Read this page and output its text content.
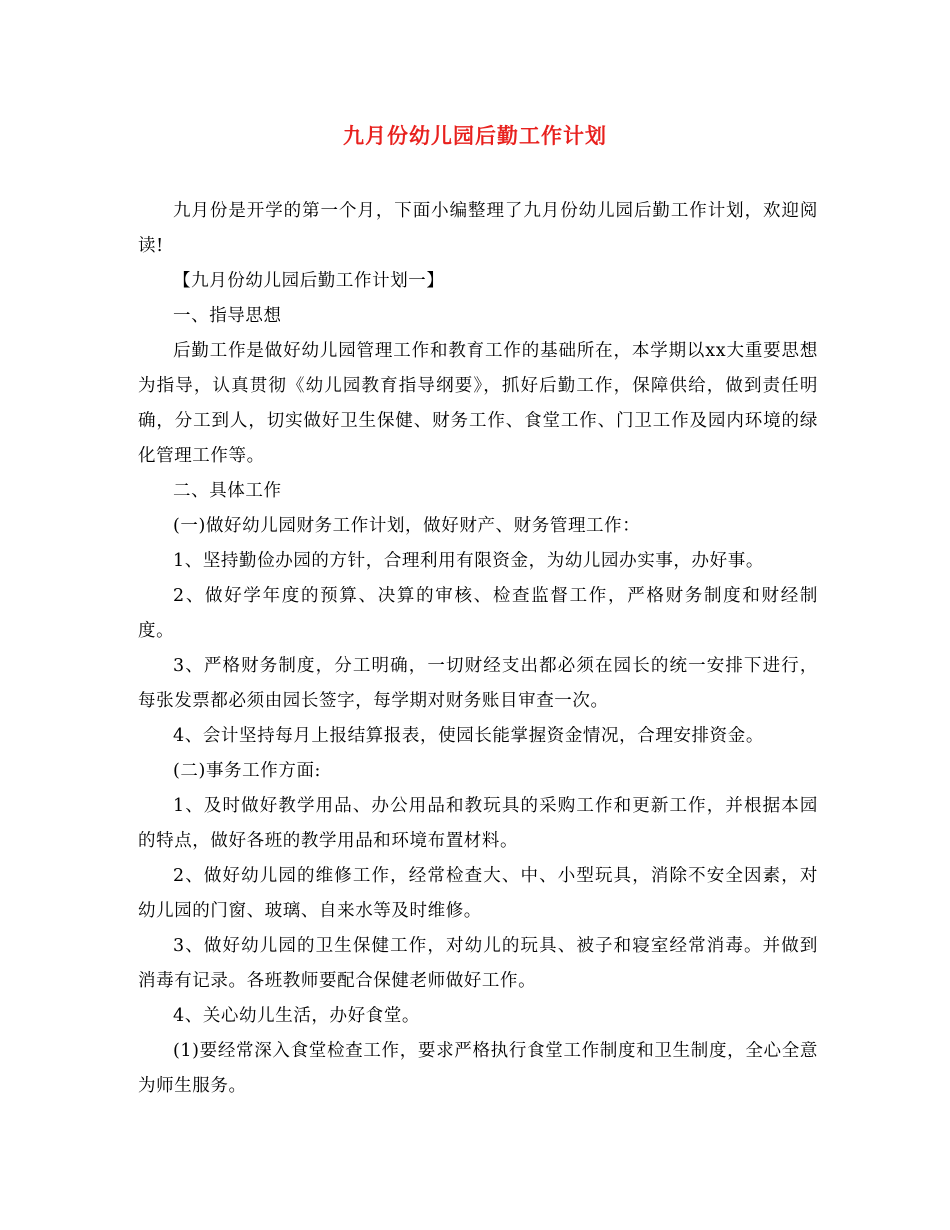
九月份幼儿园后勤工作计划

九月份是开学的第一个月，下面小编整理了九月份幼儿园后勤工作计划，欢迎阅读!

【九月份幼儿园后勤工作计划一】

一、指导思想

后勤工作是做好幼儿园管理工作和教育工作的基础所在，本学期以xx大重要思想为指导，认真贯彻《幼儿园教育指导纲要》，抓好后勤工作，保障供给，做到责任明确，分工到人，切实做好卫生保健、财务工作、食堂工作、门卫工作及园内环境的绿化管理工作等。

二、具体工作

(一)做好幼儿园财务工作计划，做好财产、财务管理工作：

1、坚持勤俭办园的方针，合理利用有限资金，为幼儿园办实事，办好事。

2、做好学年度的预算、决算的审核、检查监督工作，严格财务制度和财经制度。

3、严格财务制度，分工明确，一切财经支出都必须在园长的统一安排下进行，每张发票都必须由园长签字，每学期对财务账目审查一次。

4、会计坚持每月上报结算报表，使园长能掌握资金情况，合理安排资金。

(二)事务工作方面:

1、及时做好教学用品、办公用品和教玩具的采购工作和更新工作，并根据本园的特点，做好各班的教学用品和环境布置材料。

2、做好幼儿园的维修工作，经常检查大、中、小型玩具，消除不安全因素，对幼儿园的门窗、玻璃、自来水等及时维修。

3、做好幼儿园的卫生保健工作，对幼儿的玩具、被子和寝室经常消毒。并做到消毒有记录。各班教师要配合保健老师做好工作。

4、关心幼儿生活，办好食堂。

(1)要经常深入食堂检查工作，要求严格执行食堂工作制度和卫生制度，全心全意为师生服务。
